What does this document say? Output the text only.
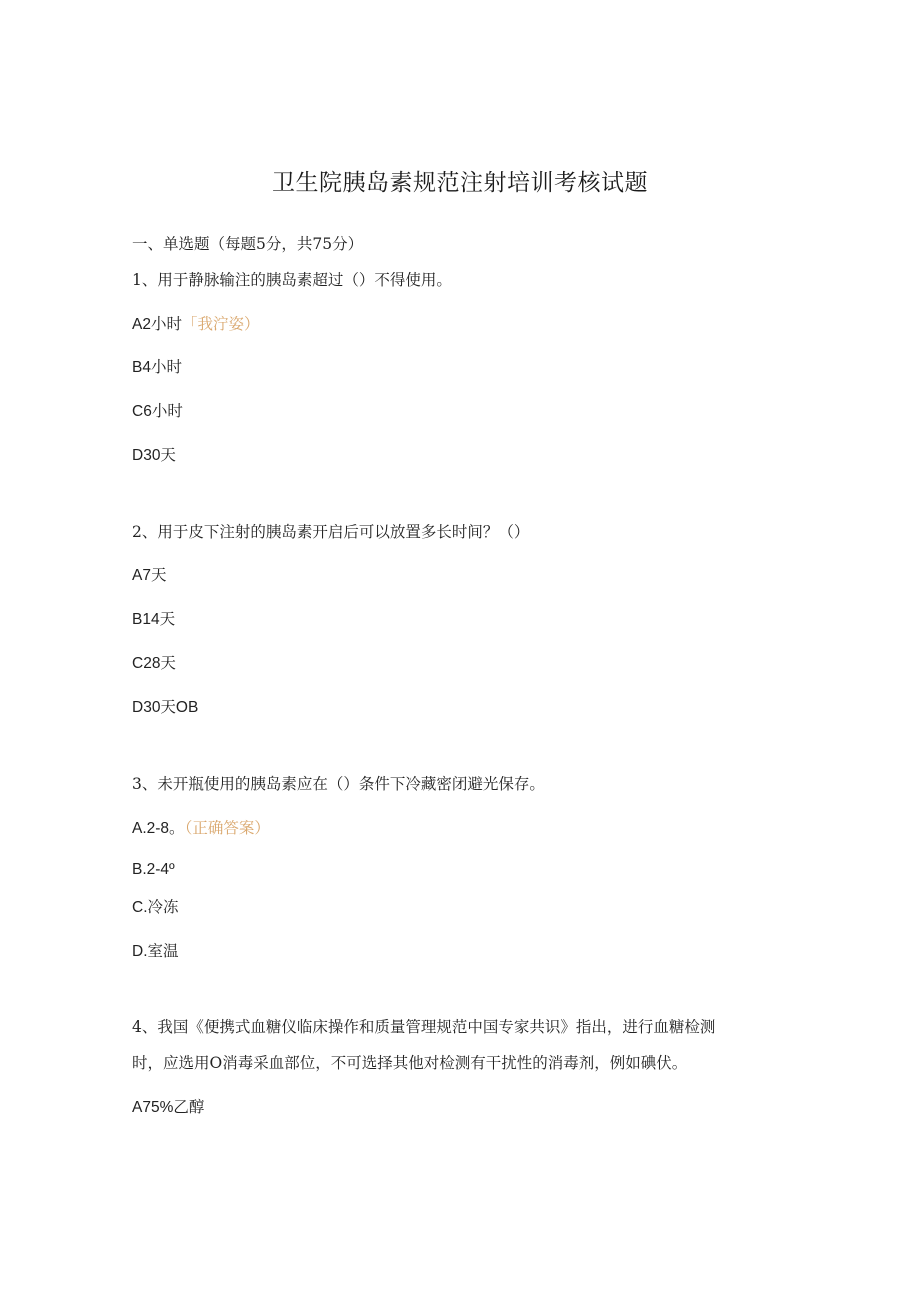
卫生院胰岛素规范注射培训考核试题
一、单选题（每题5分，共75分）
1、用于静脉输注的胰岛素超过（）不得使用。
A2小时「我泞姿）
B4小时
C6小时
D30天
2、用于皮下注射的胰岛素开启后可以放置多长时间？（）
A7天
B14天
C28天
D30天OB
3、未开瓶使用的胰岛素应在（）条件下冷藏密闭避光保存。
A.2-8。（正确答案）
B.2-4º
C.冷冻
D.室温
4、我国《便携式血糖仪临床操作和质量管理规范中国专家共识》指出，进行血糖检测
时，应选用O消毒采血部位，不可选择其他对检测有干扰性的消毒剂，例如碘伏。
A75%乙醇
